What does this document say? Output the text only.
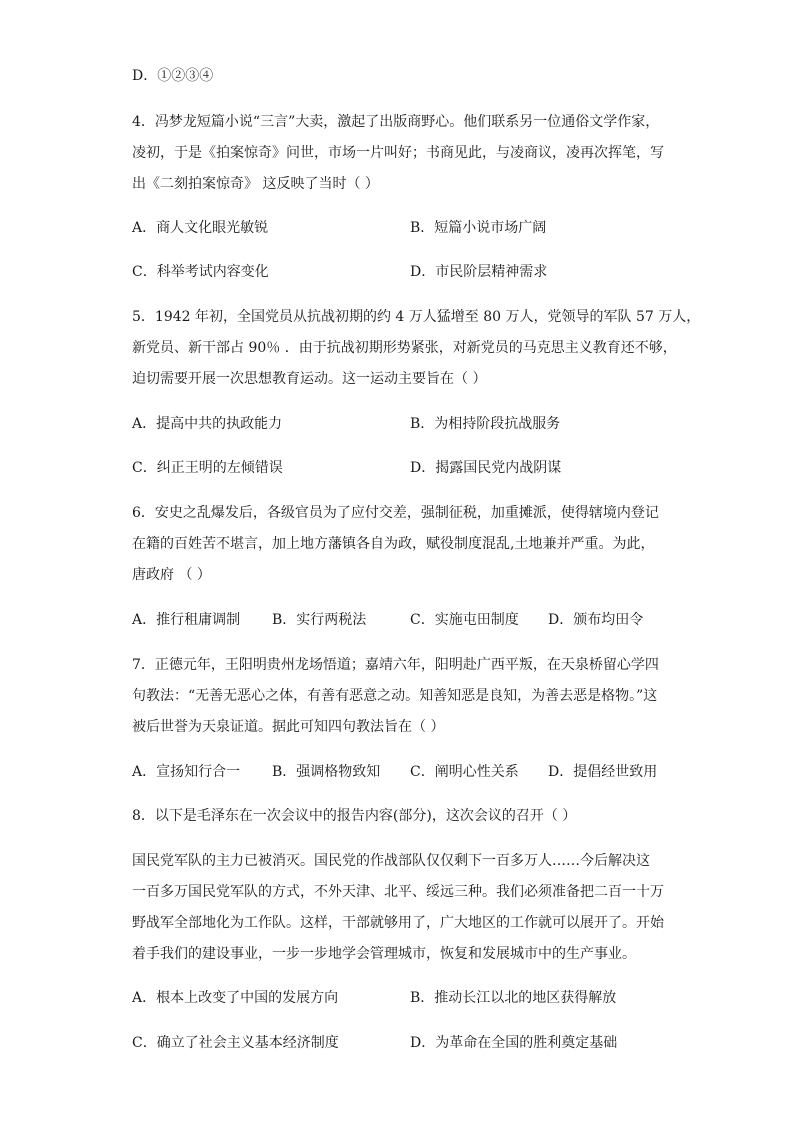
D．①②③④
4．冯梦龙短篇小说“三言”大卖，激起了出版商野心。他们联系另一位通俗文学作家，
凌初，于是《拍案惊奇》问世，市场一片叫好；书商见此，与凌商议，凌再次挥笔，写
出《二刻拍案惊奇》 这反映了当时（ ）
A．商人文化眼光敏锐	B．短篇小说市场广阔
C．科举考试内容变化	D．市民阶层精神需求
5．1942 年初，全国党员从抗战初期的约 4 万人猛增至 80 万人，党领导的军队 57 万人，
新党员、新干部占 90％ ．由于抗战初期形势紧张，对新党员的马克思主义教育还不够，
迫切需要开展一次思想教育运动。这一运动主要旨在（ ）
A．提高中共的执政能力	B．为相持阶段抗战服务
C．纠正王明的左倾错误	D．揭露国民党内战阴谋
6．安史之乱爆发后，各级官员为了应付交差，强制征税，加重摊派，使得辖境内登记
在籍的百姓苦不堪言，加上地方藩镇各自为政，赋役制度混乱,土地兼并严重。为此，
唐政府 （ ）
A．推行租庸调制 B．实行两税法	C．实施屯田制度 D．颁布均田令
7．正德元年，王阳明贵州龙场悟道；嘉靖六年，阳明赴广西平叛，在天泉桥留心学四
句教法：“无善无恶心之体，有善有恶意之动。知善知恶是良知，为善去恶是格物。”这
被后世誉为天泉证道。据此可知四句教法旨在（ ）
A．宣扬知行合一 B．强调格物致知 C．阐明心性关系 D．提倡经世致用
8．以下是毛泽东在一次会议中的报告内容(部分)，这次会议的召开（ ）
国民党军队的主力已被消灭。国民党的作战部队仅仅剩下一百多万人……今后解决这
一百多万国民党军队的方式，不外天津、北平、绥远三种。我们必须准备把二百一十万
野战军全部地化为工作队。这样，干部就够用了，广大地区的工作就可以展开了。开始
着手我们的建设事业，一步一步地学会管理城市，恢复和发展城市中的生产事业。
A．根本上改变了中国的发展方向	B．推动长江以北的地区获得解放
C．确立了社会主义基本经济制度	D．为革命在全国的胜利奠定基础
